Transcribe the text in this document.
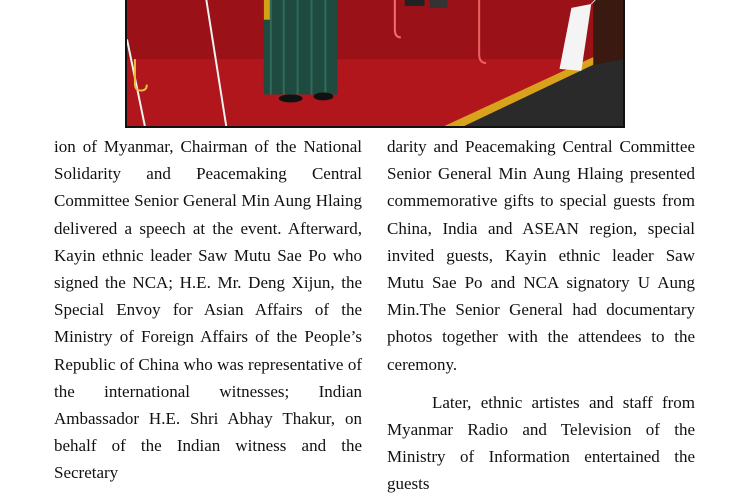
ion of Myanmar, Chairman of the National Solidarity and Peacemaking Central Committee Senior General Min Aung Hlaing delivered a speech at the event. Afterward, Kayin ethnic leader Saw Mutu Sae Po who signed the NCA; H.E. Mr. Deng Xijun, the Special Envoy for Asian Affairs of the Ministry of Foreign Affairs of the People’s Republic of China who was representative of the international witnesses; Indian Ambassador H.E. Shri Abhay Thakur, on behalf of the Indian witness and the Secretary

darity and Peacemaking Central Committee Senior General Min Aung Hlaing presented commemorative gifts to special guests from China, India and ASEAN region, special invited guests, Kayin ethnic leader Saw Mutu Sae Po and NCA signatory U Aung Min.The Senior General had documentary photos together with the attendees to the ceremony.

Later, ethnic artistes and staff from Myanmar Radio and Television of the Ministry of Information entertained the guests
